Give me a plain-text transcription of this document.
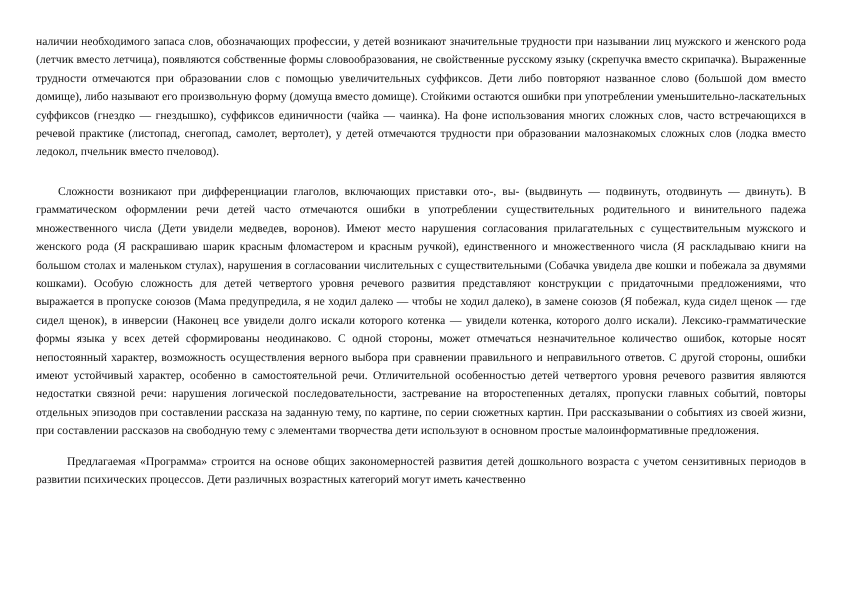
наличии необходимого запаса слов, обозначающих профессии, у детей возникают значительные трудности при назывании лиц мужского и женского рода (летчик вместо летчица), появляются собственные формы словообразования, не свойственные русскому языку (скрепучка вместо скрипачка). Выраженные трудности отмечаются при образовании слов с помощью увеличительных суффиксов. Дети либо повторяют названное слово (большой дом вместо домище), либо называют его произвольную форму (домуща вместо домище). Стойкими остаются ошибки при употреблении уменьшительно-ласкательных суффиксов (гнездко — гнездышко), суффиксов единичности (чайка — чаинка). На фоне использования многих сложных слов, часто встречающихся в речевой практике (листопад, снегопад, самолет, вертолет), у детей отмечаются трудности при образовании малознакомых сложных слов (лодка вместо ледокол, пчельник вместо пчеловод).

Сложности возникают при дифференциации глаголов, включающих приставки ото-, вы- (выдвинуть — подвинуть, отодвинуть — двинуть). В грамматическом оформлении речи детей часто отмечаются ошибки в употреблении существительных родительного и винительного падежа множественного числа (Дети увидели медведев, воронов). Имеют место нарушения согласования прилагательных с существительным мужского и женского рода (Я раскрашиваю шарик красным фломастером и красным ручкой), единственного и множественного числа (Я раскладываю книги на большом столах и маленьком стулах), нарушения в согласовании числительных с существительными (Собачка увидела две кошки и побежала за двумями кошками). Особую сложность для детей четвертого уровня речевого развития представляют конструкции с придаточными предложениями, что выражается в пропуске союзов (Мама предупредила, я не ходил далеко — чтобы не ходил далеко), в замене союзов (Я побежал, куда сидел щенок — где сидел щенок), в инверсии (Наконец все увидели долго искали которого котенка — увидели котенка, которого долго искали). Лексико-грамматические формы языка у всех детей сформированы неодинаково. С одной стороны, может отмечаться незначительное количество ошибок, которые носят непостоянный характер, возможность осуществления верного выбора при сравнении правильного и неправильного ответов. С другой стороны, ошибки имеют устойчивый характер, особенно в самостоятельной речи. Отличительной особенностью детей четвертого уровня речевого развития являются недостатки связной речи: нарушения логической последовательности, застревание на второстепенных деталях, пропуски главных событий, повторы отдельных эпизодов при составлении рассказа на заданную тему, по картине, по серии сюжетных картин. При рассказывании о событиях из своей жизни, при составлении рассказов на свободную тему с элементами творчества дети используют в основном простые малоинформативные предложения.

Предлагаемая «Программа» строится на основе общих закономерностей развития детей дошкольного возраста с учетом сензитивных периодов в развитии психических процессов. Дети различных возрастных категорий могут иметь качественно
